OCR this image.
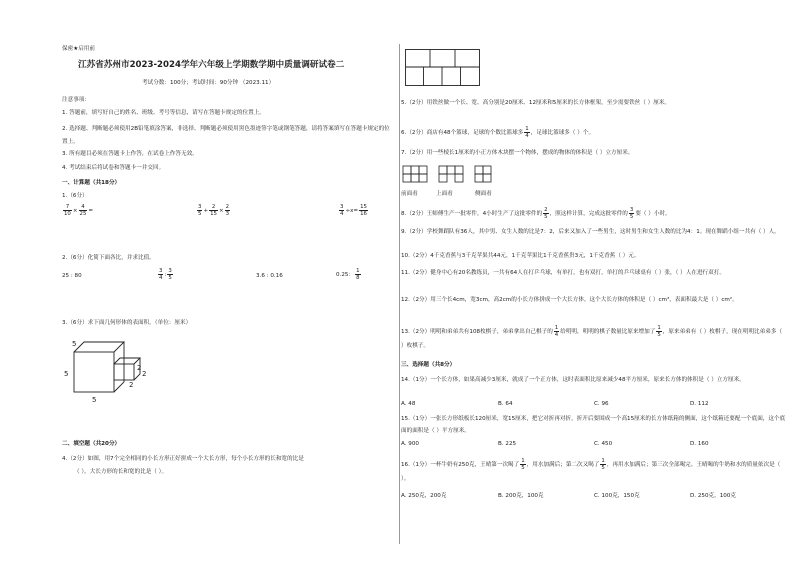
保密★启用前
江苏省苏州市2023-2024学年六年级上学期数学期中质量调研试卷二
考试分数：100分；考试时间：90分钟 （2023.11）
注意事项：
1. 答题前，填写好自己的姓名、班级、考号等信息，请写在答题卡规定的位置上。
2. 选择题、判断题必须使用2B铅笔填涂答案，非选择、判断题必须使用黑色墨迹签字笔或钢笔答题，请将答案填写在答题卡规定的位置上。
3. 所有题目必须在答题卡上作答，在试卷上作答无效。
4. 考试结束后将试卷和答题卡一并交回。
一、计算题（共18分）
1.（6分）
$\frac{7}{10} \times \frac{4}{25}$ =	$\frac{3}{5} + \frac{2}{15} \times \frac{2}{3}$	$\frac{3}{4} \div x= \frac{15}{16}$
2.（6分）化简下面各比，并求比值。
25 : 80	$\frac{3}{4}$ : $\frac{3}{5}$	3.6 : 0.16	0.25： $\frac{1}{8}$
3.（6分）求下面几何形体的表面积。（单位：厘米）
5
5
5
2
2
2
二、填空题（共20分）
4.（2分）如图，用7个完全相同的小长方形正好拼成一个大长方形，每个小长方形的长和宽的比是
（ ），大长方形的长和宽的比是（ ）。
5.（2分）用铁丝做一个长、宽、高分别是20厘米、12厘米和5厘米的长方体框架，至少需要铁丝（ ）厘米。
6.（2分）商店有48个篮球，足球的个数比篮球多 $\frac{1}{4}$ ，足球比篮球多（ ）个。
7.（2分）用一些棱长1厘米的小正方体木块摆一个物体，摆成的物体的体积是（ ）立方厘米。
前面看	上面看	侧面看
8.（2分）王师傅生产一批零件，4小时生产了这批零件的 $\frac{2}{5}$ ，照这样计算，完成这批零件的 $\frac{3}{5}$ 要（ ）小时。
9.（2分）学校舞蹈队有36人，其中男、女生人数的比是7：2，后来又加入了一些男生，这时男生和女生人数的比为4：1。现在舞蹈小组一共有（ ）人。
10.（2分）4千克香蕉与3千克苹果共44元，1千克苹果比1千克香蕉贵3元，1千克香蕉（ ）元。
11.（2分）健身中心有20名教练员，一共有64人在打乒乓球，有单打，也有双打，单打的乒乓球桌有（ ）张，（ ）人在进行双打。
12.（2分）用三个长4cm，宽3cm，高2cm的小长方体拼成一个大长方体，这个大长方体的体积是（ ）cm³，表面积最大是（ ）cm²。
13.（2分）明明和弟弟共有108枚棋子，弟弟拿出自己棋子的 $\frac{1}{4}$ 给明明，明明的棋子数量比原来增加了 $\frac{1}{5}$ ，原来弟弟有（ ）枚棋子，现在明明比弟弟多（ ）枚棋子。
三、选择题（共8分）
14.（1分）一个长方体，如果高减少3厘米，就成了一个正方体，这时表面积比原来减少48平方厘米，原来长方体的体积是（ ）立方厘米。
A. 48	B. 64	C. 96	D. 112
15.（1分）一张长方形纸板长120厘米，宽15厘米，把它对折再对折，折开后要围成一个高15厘米的长方体纸箱的侧面，这个纸箱还要配一个底面，这个底面的面积是（ ）平方厘米。
A. 900	B. 225	C. 450	D. 160
16.（1分）一杯牛奶有250克，王晴第一次喝了 $\frac{1}{5}$ ，用水加满后；第二次又喝了 $\frac{1}{5}$ ，再用水加满后；第三次全部喝完。王晴喝的牛奶和水的质量依次是（ ）。
A. 250克，200克	B. 200克，100克	C. 100克，150克	D. 250克，100克
